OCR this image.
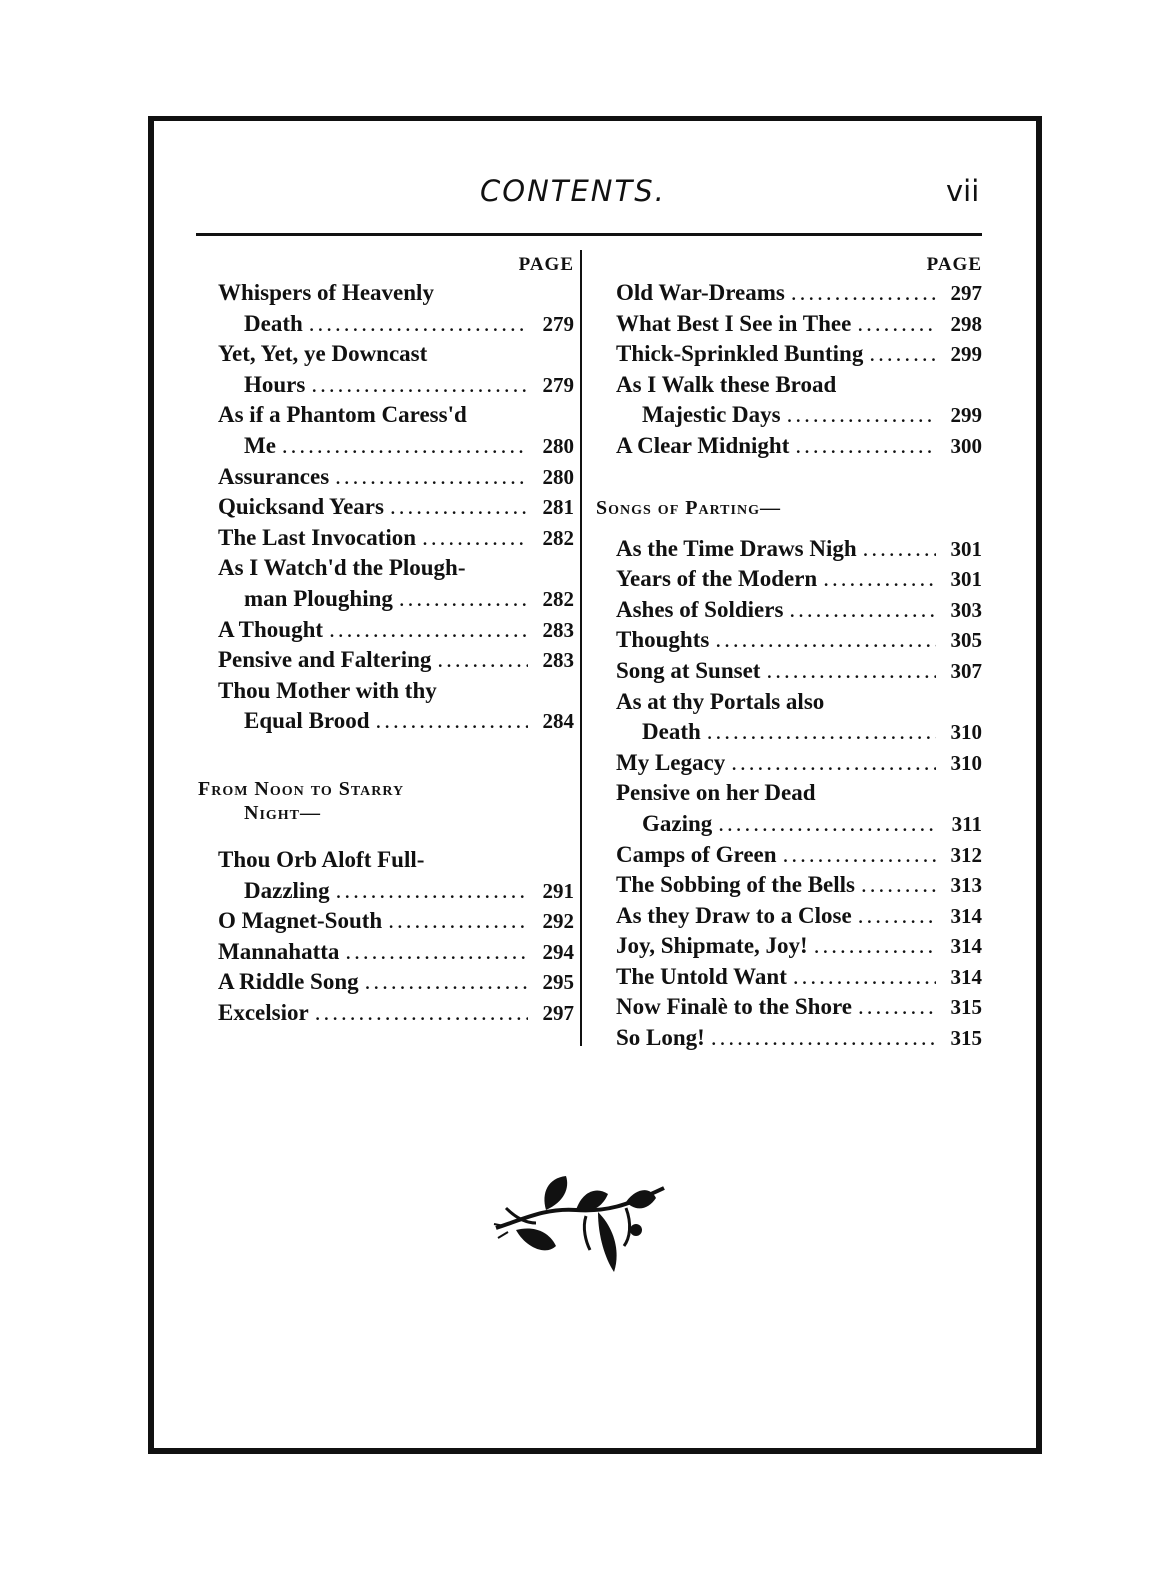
CONTENTS.	vii
PAGE
Whispers of Heavenly
Death .....	279
Yet, Yet, ye Downcast
Hours .....	279
As if a Phantom Caress'd
Me .....	280
Assurances .....	280
Quicksand Years .....	281
The Last Invocation .....	282
As I Watch'd the Plough-
man Ploughing .....	282
A Thought .....	283
Pensive and Faltering .....	283
Thou Mother with thy
Equal Brood .....	284
From Noon to Starry
Night—
Thou Orb Aloft Full-
Dazzling .....	291
O Magnet-South .....	292
Mannahatta .....	294
A Riddle Song .....	295
Excelsior .....	297
PAGE
Old War-Dreams .....	297
What Best I See in Thee .....	298
Thick-Sprinkled Bunting .....	299
As I Walk these Broad
Majestic Days .....	299
A Clear Midnight .....	300
Songs of Parting—
As the Time Draws Nigh .....	301
Years of the Modern .....	301
Ashes of Soldiers .....	303
Thoughts .....	305
Song at Sunset .....	307
As at thy Portals also
Death .....	310
My Legacy .....	310
Pensive on her Dead
Gazing .....	311
Camps of Green .....	312
The Sobbing of the Bells .....	313
As they Draw to a Close .....	314
Joy, Shipmate, Joy! .....	314
The Untold Want .....	314
Now Finalè to the Shore .....	315
So Long! .....	315
